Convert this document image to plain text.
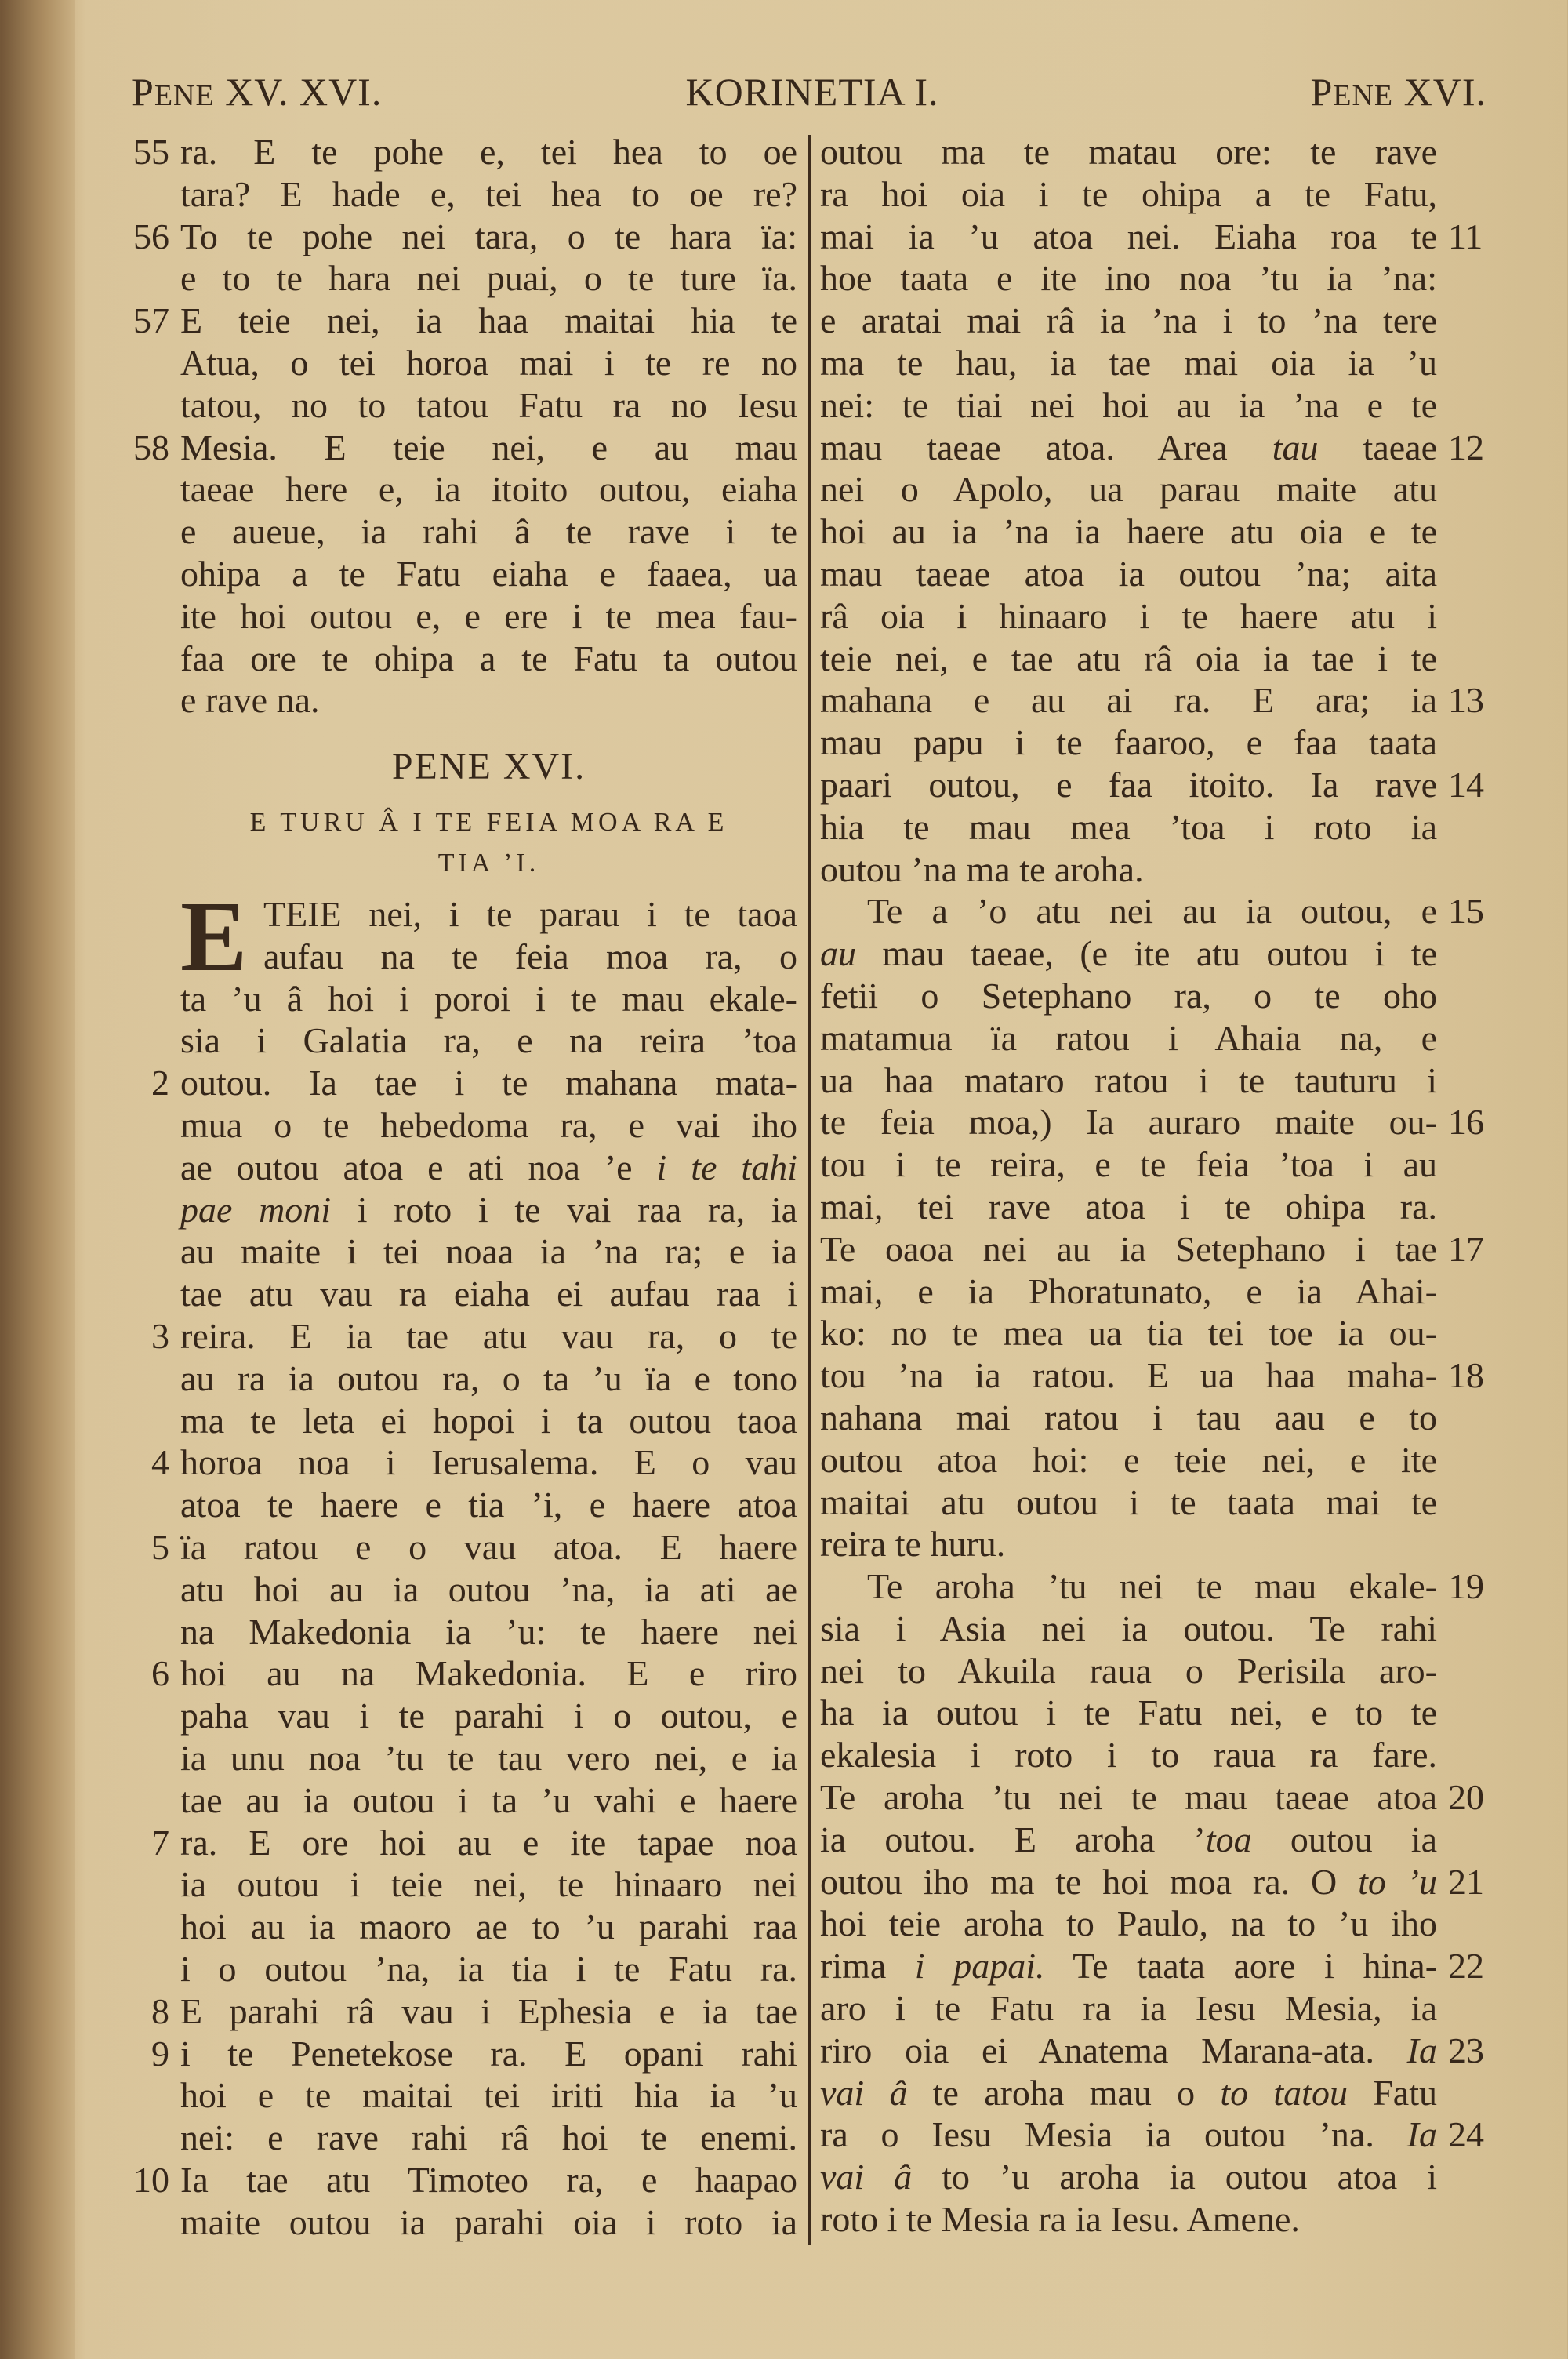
PENE XV. XVI.	KORINETIA I.	PENE XVI.
55 ra. E te pohe e, tei hea to oe
tara? E hade e, tei hea to oe re?
56 To te pohe nei tara, o te hara ïa:
e to te hara nei puai, o te ture ïa.
57 E teie nei, ia haa maitai hia te
Atua, o tei horoa mai i te re no
tatou, no to tatou Fatu ra no Iesu
58 Mesia. E teie nei, e au mau
taeae here e, ia itoito outou, eiaha
e aueue, ia rahi â te rave i te
ohipa a te Fatu eiaha e faaea, ua
ite hoi outou e, e ere i te mea fau-
faa ore te ohipa a te Fatu ta outou
e rave na.
PENE XVI.
E TURU Â I TE FEIA MOA RA E
TIA ’I.
E TEIE nei, i te parau i te taoa
aufau na te feia moa ra, o
ta ’u â hoi i poroi i te mau ekale-
sia i Galatia ra, e na reira ’toa
2 outou. Ia tae i te mahana mata-
mua o te hebedoma ra, e vai iho
ae outou atoa e ati noa ’e i te tahi
pae moni i roto i te vai raa ra, ia
au maite i tei noaa ia ’na ra; e ia
tae atu vau ra eiaha ei aufau raa i
3 reira. E ia tae atu vau ra, o te
au ra ia outou ra, o ta ’u ïa e tono
ma te leta ei hopoi i ta outou taoa
4 horoa noa i Ierusalema. E o vau
atoa te haere e tia ’i, e haere atoa
5 ïa ratou e o vau atoa. E haere
atu hoi au ia outou ’na, ia ati ae
na Makedonia ia ’u: te haere nei
6 hoi au na Makedonia. E e riro
paha vau i te parahi i o outou, e
ia unu noa ’tu te tau vero nei, e ia
tae au ia outou i ta ’u vahi e haere
7 ra. E ore hoi au e ite tapae noa
ia outou i teie nei, te hinaaro nei
hoi au ia maoro ae to ’u parahi raa
i o outou ’na, ia tia i te Fatu ra.
8 E parahi râ vau i Ephesia e ia tae
9 i te Penetekose ra. E opani rahi
hoi e te maitai tei iriti hia ia ’u
nei: e rave rahi râ hoi te enemi.
10 Ia tae atu Timoteo ra, e haapao
maite outou ia parahi oia i roto ia
outou ma te matau ore: te rave
ra hoi oia i te ohipa a te Fatu,
11
mai ia ’u atoa nei. Eiaha roa te
hoe taata e ite ino noa ’tu ia ’na:
e aratai mai râ ia ’na i to ’na tere
ma te hau, ia tae mai oia ia ’u
nei: te tiai nei hoi au ia ’na e te
12
mau taeae atoa. Area tau taeae
nei o Apolo, ua parau maite atu
hoi au ia ’na ia haere atu oia e te
mau taeae atoa ia outou ’na; aita
râ oia i hinaaro i te haere atu i
teie nei, e tae atu râ oia ia tae i te
13
mahana e au ai ra. E ara; ia
mau papu i te faaroo, e faa taata
14
paari outou, e faa itoito. Ia rave
hia te mau mea ’toa i roto ia
outou ’na ma te aroha.
15
Te a ’o atu nei au ia outou, e
au mau taeae, (e ite atu outou i te
fetii o Setephano ra, o te oho
matamua ïa ratou i Ahaia na, e
ua haa mataro ratou i te tauturu i
16
te feia moa,) Ia auraro maite ou-
tou i te reira, e te feia ’toa i au
mai, tei rave atoa i te ohipa ra.
17
Te oaoa nei au ia Setephano i tae
mai, e ia Phoratunato, e ia Ahai-
ko: no te mea ua tia tei toe ia ou-
18
tou ’na ia ratou. E ua haa maha-
nahana mai ratou i tau aau e to
outou atoa hoi: e teie nei, e ite
maitai atu outou i te taata mai te
reira te huru.
19
Te aroha ’tu nei te mau ekale-
sia i Asia nei ia outou. Te rahi
nei to Akuila raua o Perisila aro-
ha ia outou i te Fatu nei, e to te
ekalesia i roto i to raua ra fare.
20
Te aroha ’tu nei te mau taeae atoa
ia outou. E aroha ’toa outou ia
21
outou iho ma te hoi moa ra. O to ’u
hoi teie aroha to Paulo, na to ’u iho
22
rima i papai. Te taata aore i hina-
aro i te Fatu ra ia Iesu Mesia, ia
23
riro oia ei Anatema Marana-ata. Ia
vai â te aroha mau o to tatou Fatu
24
ra o Iesu Mesia ia outou ’na. Ia
vai â to ’u aroha ia outou atoa i
roto i te Mesia ra ia Iesu. Amene.
